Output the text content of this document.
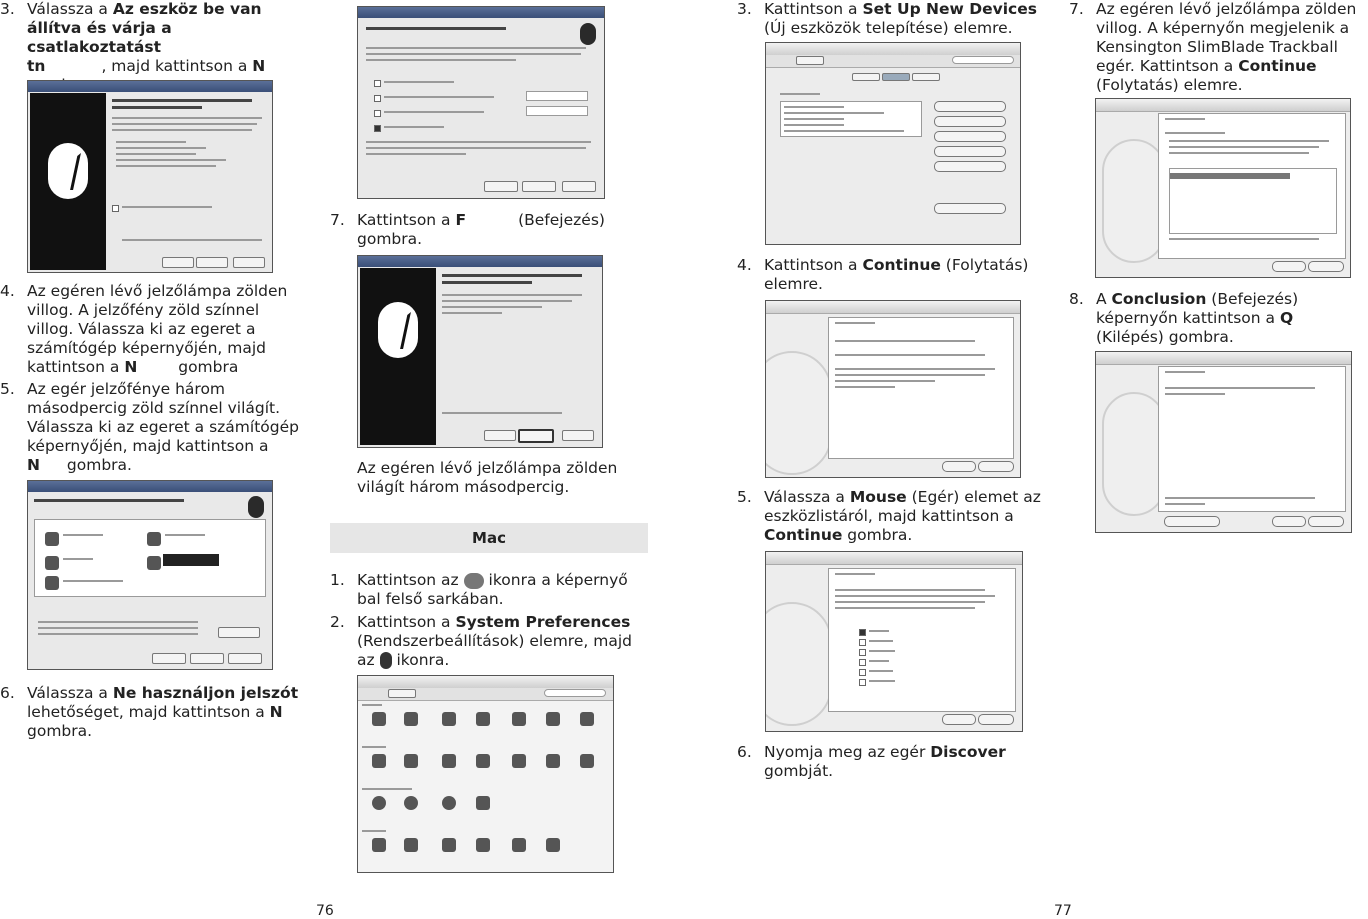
3. Válassza a Az eszköz be van
állítva és várja a csatlakoztatást
tn	, majd kattintson a N
4. Az egéren lévő jelzőlámpa zölden
villog. A jelzőfény zöld színnel
villog. Válassza ki az egeret a
számítógép képernyőjén, majd
kattintson a N gombra
5. Az egér jelzőfénye három
másodpercig zöld színnel világít.
Válassza ki az egeret a számítógép
képernyőjén, majd kattintson a
N gombra.
6. Válassza a Ne használjon jelszót
lehetőséget, majd kattintson a N
gombra.
76
7. Kattintson a F	(Befejezés)
gombra.
Az egéren lévő jelzőlámpa zölden
világít három másodpercig.
Mac
1. Kattintson az  ikonra a képernyő
bal felső sarkában.
2. Kattintson a System Preferences
(Rendszerbeállítások) elemre, majd
az  ikonra.
3. Kattintson a Set Up New Devices
(Új eszközök telepítése) elemre.
4. Kattintson a Continue (Folytatás)
elemre.
5. Válassza a Mouse (Egér) elemet az
eszközlistáról, majd kattintson a
Continue gombra.
6. Nyomja meg az egér Discover
gombját.
77
7. Az egéren lévő jelzőlámpa zölden
villog. A képernyőn megjelenik a
Kensington SlimBlade Trackball
egér. Kattintson a Continue
(Folytatás) elemre.
8. A Conclusion (Befejezés)
képernyőn kattintson a Q
(Kilépés) gombra.
